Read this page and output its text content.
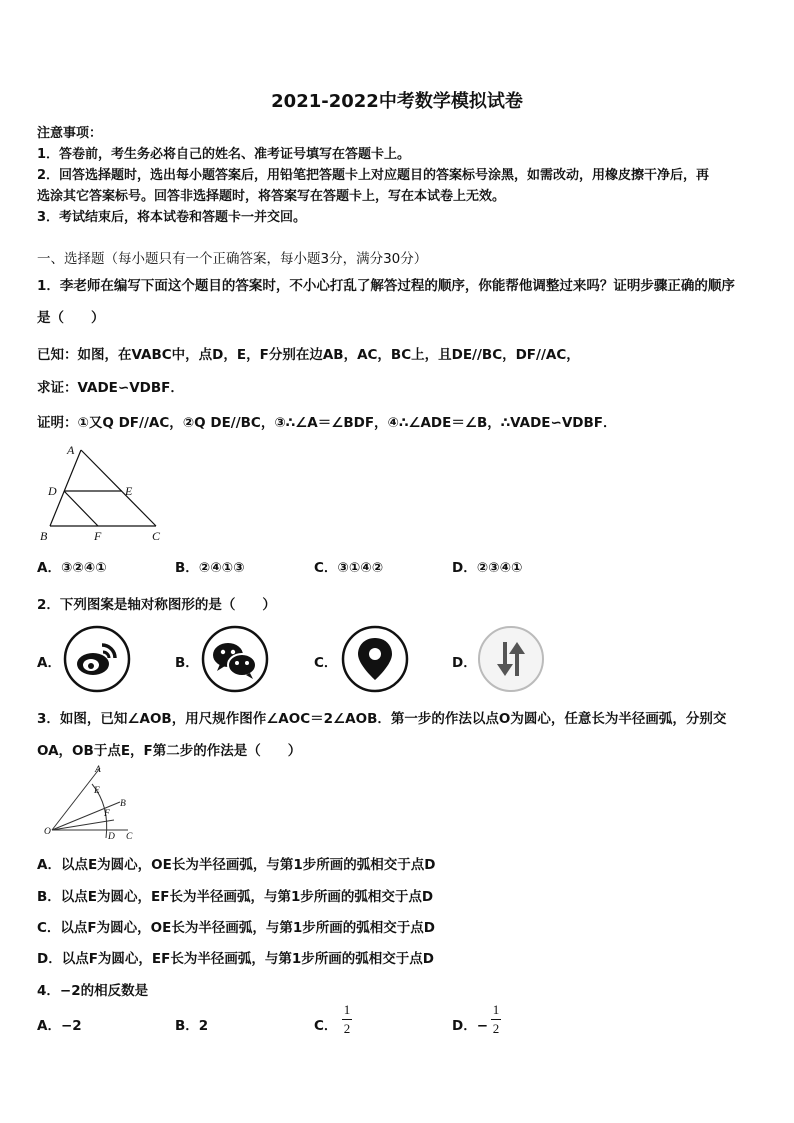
2021-2022中考数学模拟试卷
注意事项：
1．答卷前，考生务必将自己的姓名、准考证号填写在答题卡上。
2．回答选择题时，选出每小题答案后，用铅笔把答题卡上对应题目的答案标号涂黑，如需改动，用橡皮擦干净后，再
选涂其它答案标号。回答非选择题时，将答案写在答题卡上，写在本试卷上无效。
3．考试结束后，将本试卷和答题卡一并交回。
一、选择题（每小题只有一个正确答案，每小题3分，满分30分）
1．李老师在编写下面这个题目的答案时，不小心打乱了解答过程的顺序，你能帮他调整过来吗？证明步骤正确的顺序
是（　　）
已知：如图，在VABC中，点D，E，F分别在边AB，AC，BC上，且DE//BC，DF//AC，
求证：VADE∽VDBF．
证明：①又Q DF//AC，②Q DE//BC，③∴∠A＝∠BDF，④∴∠ADE＝∠B，∴VADE∽VDBF．
A
D	E
B	F	C
A．③②④①	B．②④①③	C．③①④②	D．②③④①
2．下列图案是轴对称图形的是（　　）
A．	B．	C．	D．
3．如图，已知∠AOB，用尺规作图作∠AOC＝2∠AOB．第一步的作法以点O为圆心，任意长为半径画弧，分别交
OA，OB于点E，F第二步的作法是（　　）
A
E
B
F
O	D C
A．以点E为圆心，OE长为半径画弧，与第1步所画的弧相交于点D
B．以点E为圆心，EF长为半径画弧，与第1步所画的弧相交于点D
C．以点F为圆心，OE长为半径画弧，与第1步所画的弧相交于点D
D．以点F为圆心，EF长为半径画弧，与第1步所画的弧相交于点D
4．−2的相反数是
A．−2	B．2	C．
1
2	D．−
1
2
